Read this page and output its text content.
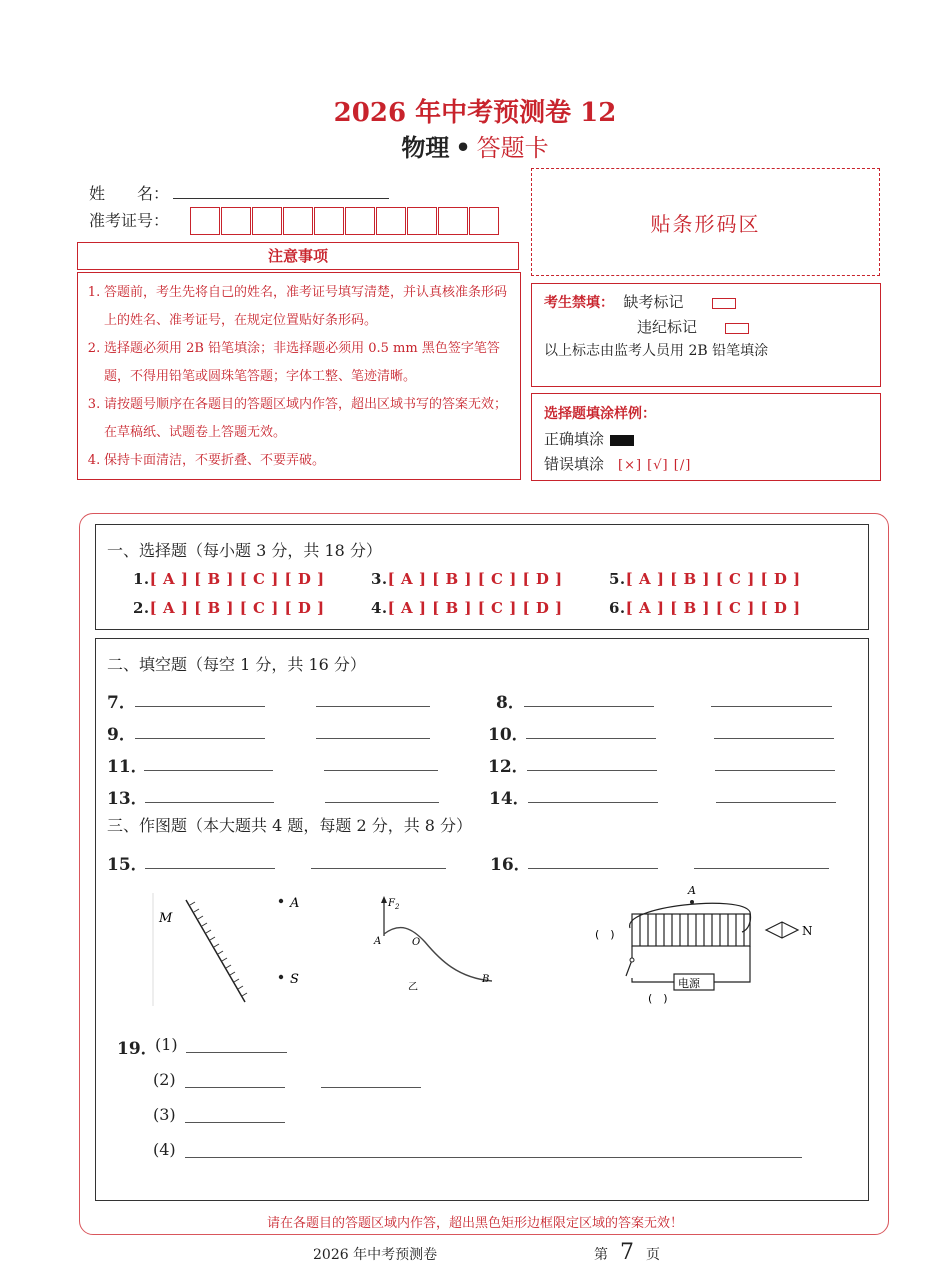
2026 年中考预测卷 12
物理 • 答题卡
姓　　名：
准考证号：	贴条形码区
注意事项
1. 答题前，考生先将自己的姓名，准考证号填写清楚，并认真核准条形码上的姓名、准考证号，在规定位置贴好条形码。
2. 选择题必须用 2B 铅笔填涂；非选择题必须用 0.5 mm 黑色签字笔答题，不得用铅笔或圆珠笔答题；字体工整、笔迹清晰。
3. 请按题号顺序在各题目的答题区域内作答，超出区域书写的答案无效；在草稿纸、试题卷上答题无效。
4. 保持卡面清洁，不要折叠、不要弄破。
考生禁填： 缺考标记
违纪标记
以上标志由监考人员用 2B 铅笔填涂
选择题填涂样例：
正确填涂
错误填涂 [×] [√] [/]
一、选择题（每小题 3 分，共 18 分）
1.[ A ] [ B ] [ C ] [ D ]
2.[ A ] [ B ] [ C ] [ D ]
3.[ A ] [ B ] [ C ] [ D ]
4.[ A ] [ B ] [ C ] [ D ]
5.[ A ] [ B ] [ C ] [ D ]
6.[ A ] [ B ] [ C ] [ D ]
二、填空题（每空 1 分，共 16 分）
7．	8．
9．	10．
11．	12．
13．	14．
三、作图题（本大题共 4 题，每题 2 分，共 8 分）
15．	16．
M
A
S
$F_2$
A	O
B
乙
A
N
(　)
电源
(　)
19．
(1)
(2)
(3)
(4)
请在各题目的答题区域内作答，超出黑色矩形边框限定区域的答案无效！
2026 年中考预测卷	第 7 页
